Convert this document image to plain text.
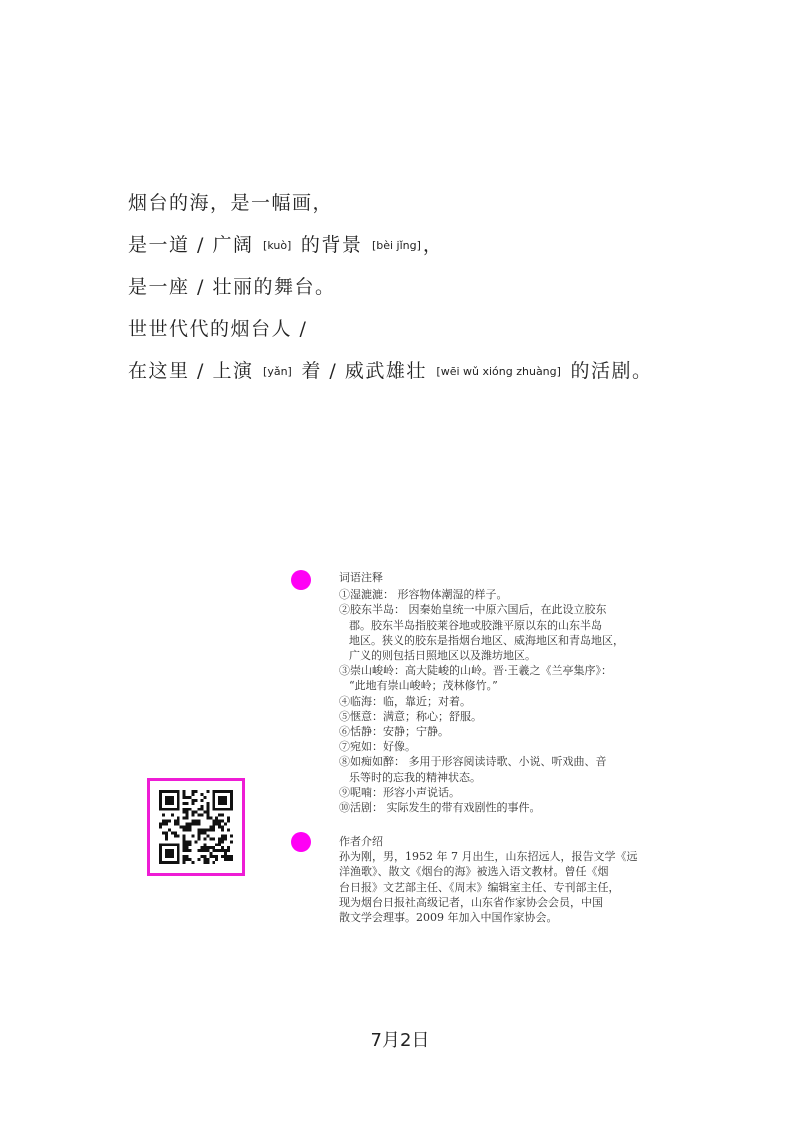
烟台的海，是一幅画，
是一道 / 广阔 [kuò] 的背景 [bèi jǐng] ，
是一座 / 壮丽的舞台。
世世代代的烟台人 /
在这里 / 上演 [yǎn] 着 / 威武雄壮 [wēi wǔ xióng zhuàng] 的活剧。
词语注释
①湿漉漉： 形容物体潮湿的样子。
②胶东半岛： 因秦始皇统一中原六国后，在此设立胶东
郡。胶东半岛指胶莱谷地或胶潍平原以东的山东半岛
地区。狭义的胶东是指烟台地区、威海地区和青岛地区，
广义的则包括日照地区以及潍坊地区。
③崇山峻岭：高大陡峻的山岭。晋·王羲之《兰亭集序》：
“此地有崇山峻岭；茂林修竹。”
④临海：临，靠近；对着。
⑤惬意：满意；称心；舒服。
⑥恬静：安静；宁静。
⑦宛如：好像。
⑧如痴如醉： 多用于形容阅读诗歌、小说、听戏曲、音
乐等时的忘我的精神状态。
⑨呢喃：形容小声说话。
⑩活剧： 实际发生的带有戏剧性的事件。
作者介绍
孙为刚，男，1952 年 7 月出生，山东招远人，报告文学《远
洋渔歌》、散文《烟台的海》被选入语文教材。曾任《烟
台日报》文艺部主任、《周末》编辑室主任、专刊部主任，
现为烟台日报社高级记者，山东省作家协会会员，中国
散文学会理事。2009 年加入中国作家协会。
7月2日
